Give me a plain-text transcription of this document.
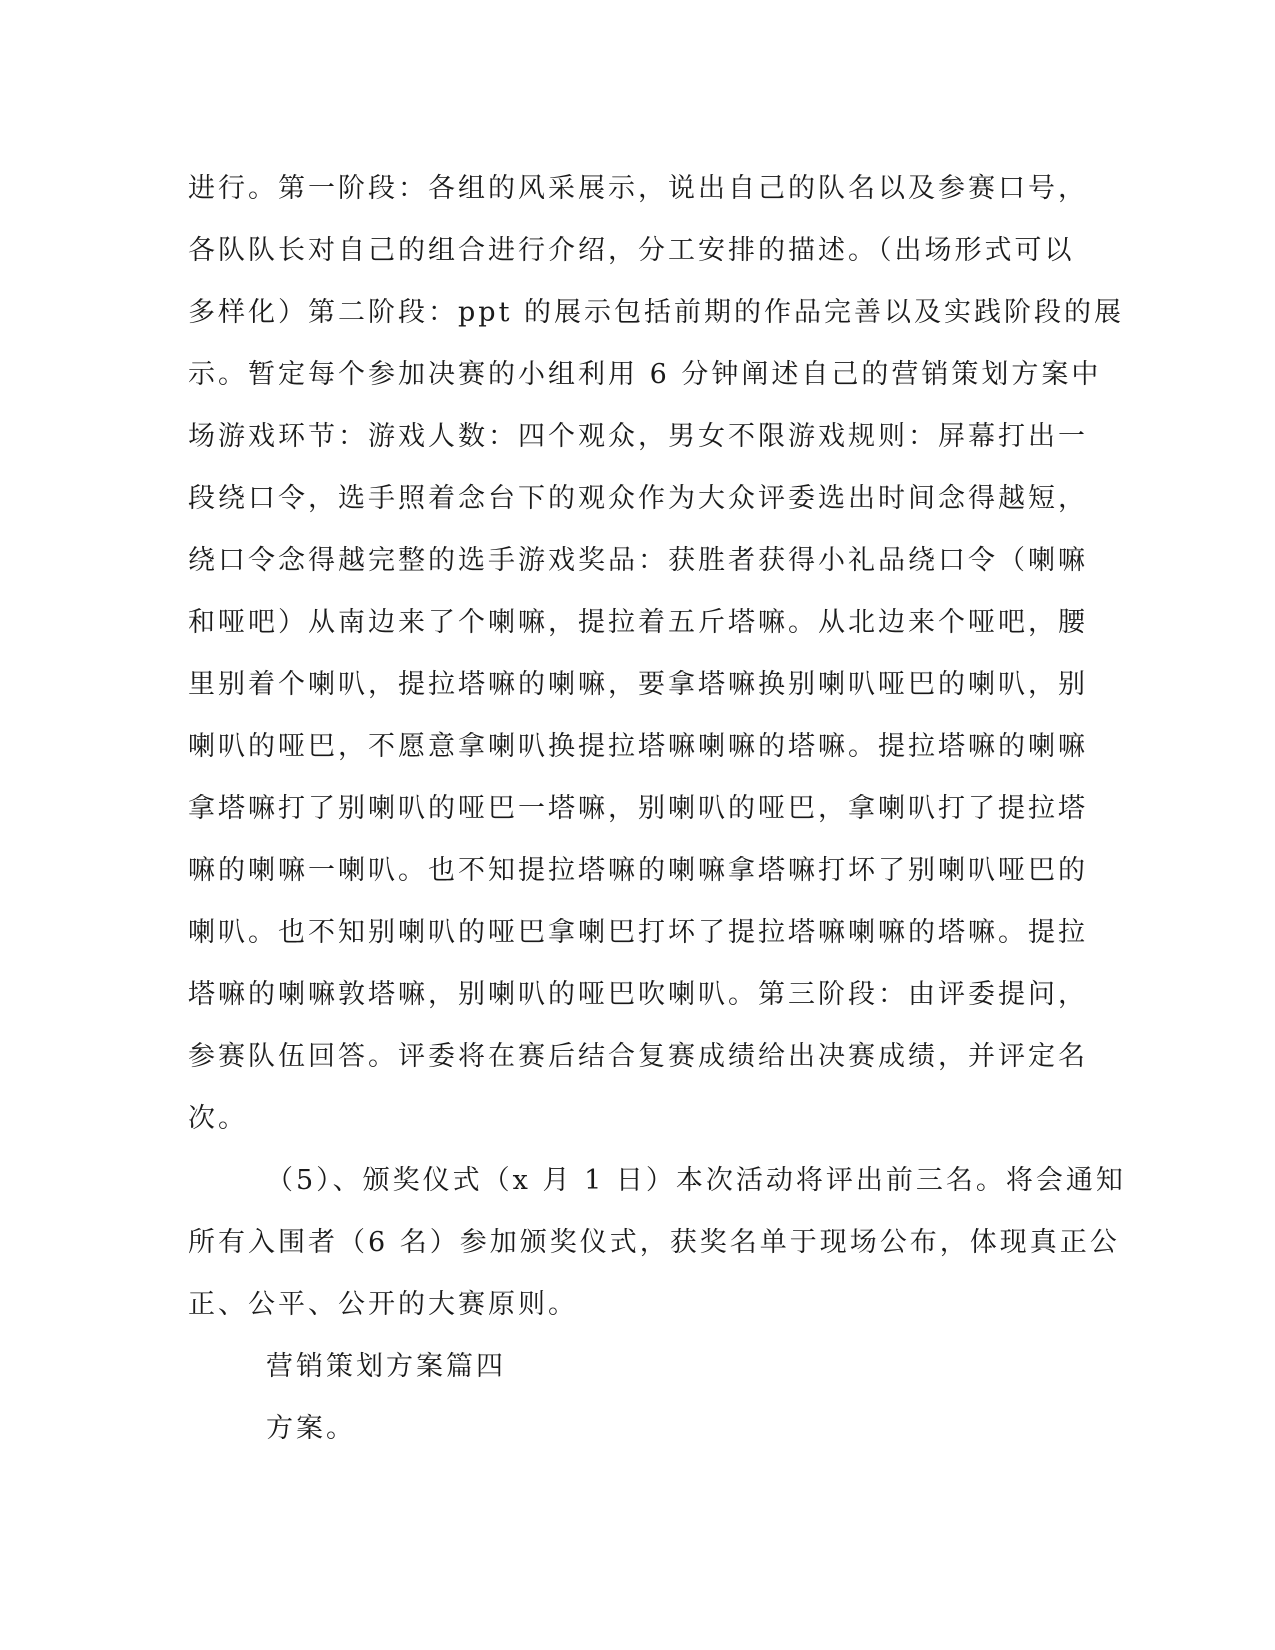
进行。第一阶段：各组的风采展示，说出自己的队名以及参赛口号，
各队队长对自己的组合进行介绍，分工安排的描述。（出场形式可以
多样化）第二阶段：ppt 的展示包括前期的作品完善以及实践阶段的展
示。暂定每个参加决赛的小组利用 6 分钟阐述自己的营销策划方案中
场游戏环节：游戏人数：四个观众，男女不限游戏规则：屏幕打出一
段绕口令，选手照着念台下的观众作为大众评委选出时间念得越短，
绕口令念得越完整的选手游戏奖品：获胜者获得小礼品绕口令（喇嘛
和哑吧）从南边来了个喇嘛，提拉着五斤塔嘛。从北边来个哑吧，腰
里别着个喇叭，提拉塔嘛的喇嘛，要拿塔嘛换别喇叭哑巴的喇叭，别
喇叭的哑巴，不愿意拿喇叭换提拉塔嘛喇嘛的塔嘛。提拉塔嘛的喇嘛
拿塔嘛打了别喇叭的哑巴一塔嘛，别喇叭的哑巴，拿喇叭打了提拉塔
嘛的喇嘛一喇叭。也不知提拉塔嘛的喇嘛拿塔嘛打坏了别喇叭哑巴的
喇叭。也不知别喇叭的哑巴拿喇巴打坏了提拉塔嘛喇嘛的塔嘛。提拉
塔嘛的喇嘛敦塔嘛，别喇叭的哑巴吹喇叭。第三阶段：由评委提问，
参赛队伍回答。评委将在赛后结合复赛成绩给出决赛成绩，并评定名
次。
（5）、颁奖仪式（x 月 1 日）本次活动将评出前三名。将会通知
所有入围者（6 名）参加颁奖仪式，获奖名单于现场公布，体现真正公
正、公平、公开的大赛原则。
营销策划方案篇四
方案。
